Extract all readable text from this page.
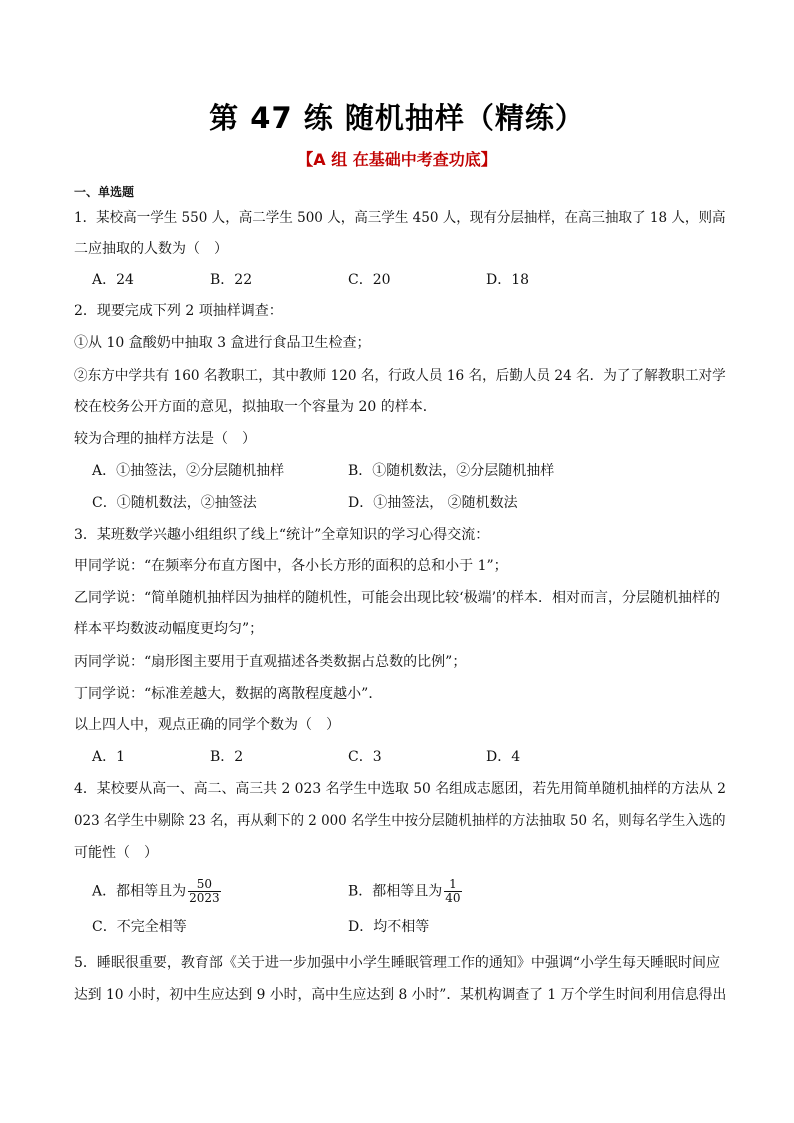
第 47 练 随机抽样（精练）
【A 组 在基础中考查功底】
一、单选题
1．某校高一学生 550 人，高二学生 500 人，高三学生 450 人，现有分层抽样，在高三抽取了 18 人，则高
二应抽取的人数为（　）
A．24	B．22	C．20	D．18
2．现要完成下列 2 项抽样调查：
①从 10 盒酸奶中抽取 3 盒进行食品卫生检查；
②东方中学共有 160 名教职工，其中教师 120 名，行政人员 16 名，后勤人员 24 名．为了了解教职工对学
校在校务公开方面的意见，拟抽取一个容量为 20 的样本．
较为合理的抽样方法是（　）
A．①抽签法，②分层随机抽样	B．①随机数法，②分层随机抽样
C．①随机数法，②抽签法	D．①抽签法， ②随机数法
3．某班数学兴趣小组组织了线上“统计”全章知识的学习心得交流：
甲同学说：“在频率分布直方图中，各小长方形的面积的总和小于 1”；
乙同学说：“简单随机抽样因为抽样的随机性，可能会出现比较‘极端’的样本．相对而言，分层随机抽样的
样本平均数波动幅度更均匀”；
丙同学说：“扇形图主要用于直观描述各类数据占总数的比例”；
丁同学说：“标准差越大，数据的离散程度越小”．
以上四人中，观点正确的同学个数为（　）
A．1	B．2	C．3	D．4
4．某校要从高一、高二、高三共 2 023 名学生中选取 50 名组成志愿团，若先用简单随机抽样的方法从 2
023 名学生中剔除 23 名，再从剩下的 2 000 名学生中按分层随机抽样的方法抽取 50 名，则每名学生入选的
可能性（　）
A．都相等且为 $\frac{50}{2023}$	B．都相等且为 $\frac{1}{40}$
C．不完全相等	D．均不相等
5．睡眠很重要，教育部《关于进一步加强中小学生睡眠管理工作的通知》中强调“小学生每天睡眠时间应
达到 10 小时，初中生应达到 9 小时，高中生应达到 8 小时”．某机构调查了 1 万个学生时间利用信息得出
